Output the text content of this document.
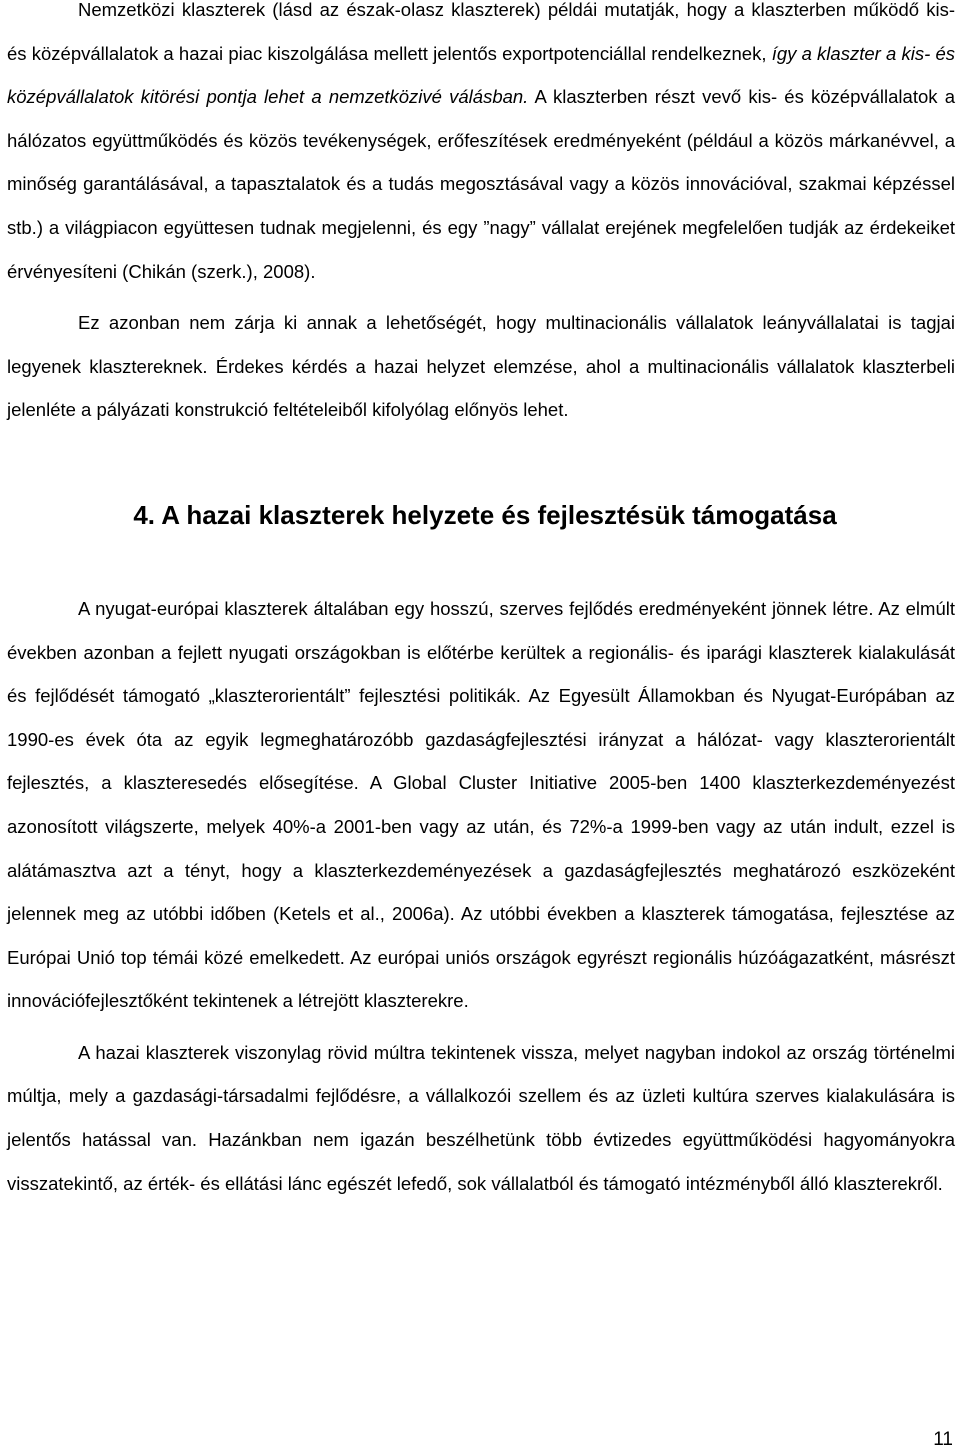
Nemzetközi klaszterek (lásd az észak-olasz klaszterek) példái mutatják, hogy a klaszterben működő kis- és középvállalatok a hazai piac kiszolgálása mellett jelentős exportpotenciállal rendelkeznek, így a klaszter a kis- és középvállalatok kitörési pontja lehet a nemzetközivé válásban. A klaszterben részt vevő kis- és középvállalatok a hálózatos együttműködés és közös tevékenységek, erőfeszítések eredményeként (például a közös márkanévvel, a minőség garantálásával, a tapasztalatok és a tudás megosztásával vagy a közös innovációval, szakmai képzéssel stb.) a világpiacon együttesen tudnak megjelenni, és egy ”nagy” vállalat erejének megfelelően tudják az érdekeiket érvényesíteni (Chikán (szerk.), 2008).

Ez azonban nem zárja ki annak a lehetőségét, hogy multinacionális vállalatok leányvállalatai is tagjai legyenek klasztereknek. Érdekes kérdés a hazai helyzet elemzése, ahol a multinacionális vállalatok klaszterbeli jelenléte a pályázati konstrukció feltételeiből kifolyólag előnyös lehet.

4. A hazai klaszterek helyzete és fejlesztésük támogatása

A nyugat-európai klaszterek általában egy hosszú, szerves fejlődés eredményeként jönnek létre. Az elmúlt években azonban a fejlett nyugati országokban is előtérbe kerültek a regionális- és iparági klaszterek kialakulását és fejlődését támogató „klaszterorientált” fejlesztési politikák. Az Egyesült Államokban és Nyugat-Európában az 1990-es évek óta az egyik legmeghatározóbb gazdaságfejlesztési irányzat a hálózat- vagy klaszterorientált fejlesztés, a klaszteresedés elősegítése. A Global Cluster Initiative 2005-ben 1400 klaszterkezdeményezést azonosított világszerte, melyek 40%-a 2001-ben vagy az után, és 72%-a 1999-ben vagy az után indult, ezzel is alátámasztva azt a tényt, hogy a klaszterkezdeményezések a gazdaságfejlesztés meghatározó eszközeként jelennek meg az utóbbi időben (Ketels et al., 2006a). Az utóbbi években a klaszterek támogatása, fejlesztése az Európai Unió top témái közé emelkedett. Az európai uniós országok egyrészt regionális húzóágazatként, másrészt innovációfejlesztőként tekintenek a létrejött klaszterekre.

A hazai klaszterek viszonylag rövid múltra tekintenek vissza, melyet nagyban indokol az ország történelmi múltja, mely a gazdasági-társadalmi fejlődésre, a vállalkozói szellem és az üzleti kultúra szerves kialakulására is jelentős hatással van. Hazánkban nem igazán beszélhetünk több évtizedes együttműködési hagyományokra visszatekintő, az érték- és ellátási lánc egészét lefedő, sok vállalatból és támogató intézményből álló klaszterekről.

11
